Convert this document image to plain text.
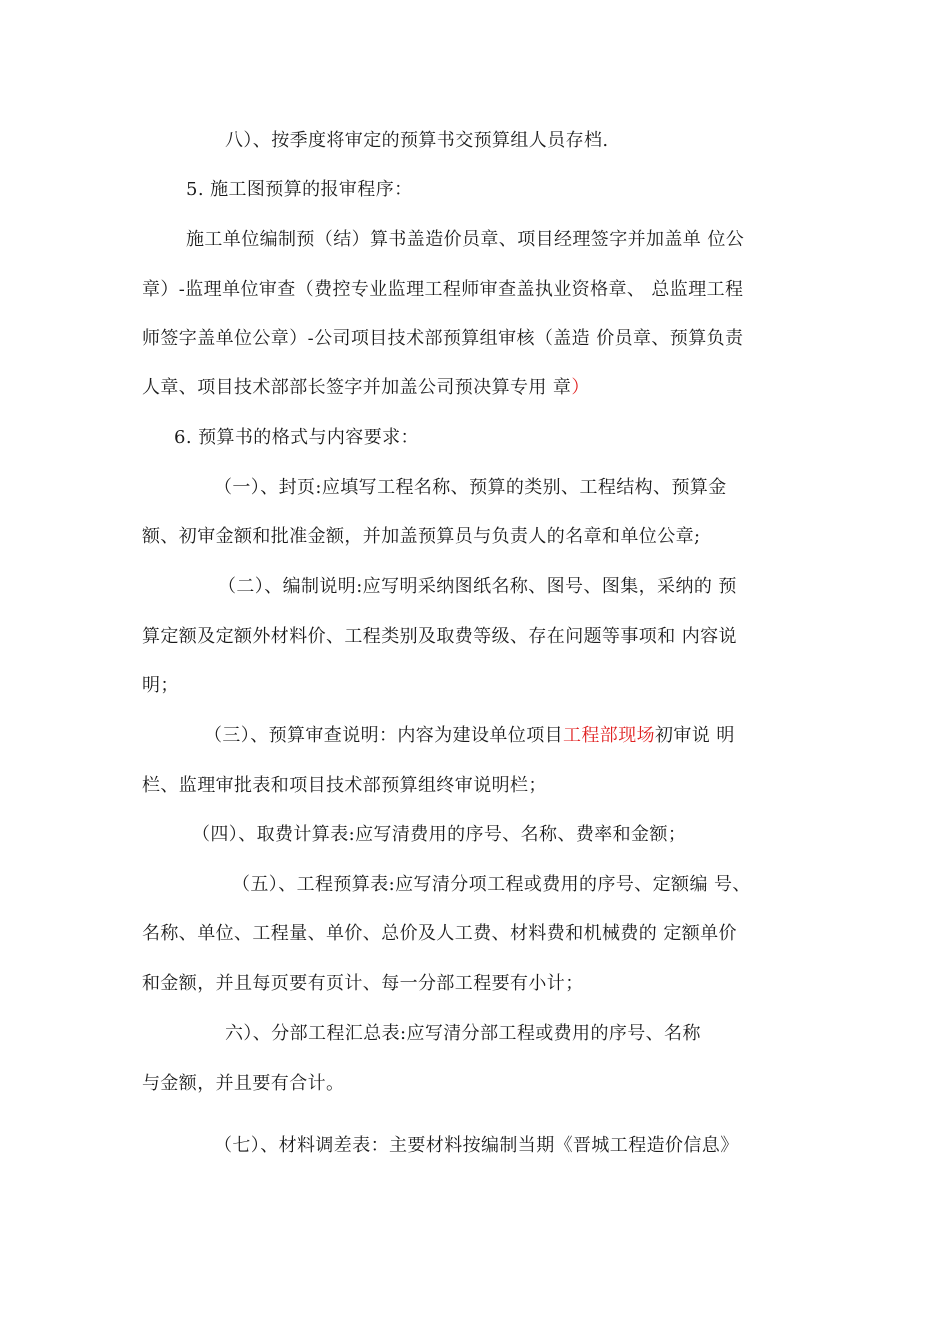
八）、按季度将审定的预算书交预算组人员存档.
5. 施工图预算的报审程序：
施工单位编制预（结）算书盖造价员章、项目经理签字并加盖单 位公
章）-监理单位审查（费控专业监理工程师审查盖执业资格章、 总监理工程
师签字盖单位公章）-公司项目技术部预算组审核（盖造 价员章、预算负责
人章、项目技术部部长签字并加盖公司预决算专用 章）
6. 预算书的格式与内容要求：
（一）、封页:应填写工程名称、预算的类别、工程结构、预算金
额、初审金额和批准金额，并加盖预算员与负责人的名章和单位公章;
（二）、编制说明:应写明采纳图纸名称、图号、图集，采纳的 预
算定额及定额外材料价、工程类别及取费等级、存在问题等事项和 内容说
明；
（三）、预算审查说明：内容为建设单位项目工程部现场初审说 明
栏、监理审批表和项目技术部预算组终审说明栏；
（四）、取费计算表:应写清费用的序号、名称、费率和金额；
（五）、工程预算表:应写清分项工程或费用的序号、定额编 号、
名称、单位、工程量、单价、总价及人工费、材料费和机械费的 定额单价
和金额，并且每页要有页计、每一分部工程要有小计；
六）、分部工程汇总表:应写清分部工程或费用的序号、名称
与金额，并且要有合计。
（七）、材料调差表：主要材料按编制当期《晋城工程造价信息》
